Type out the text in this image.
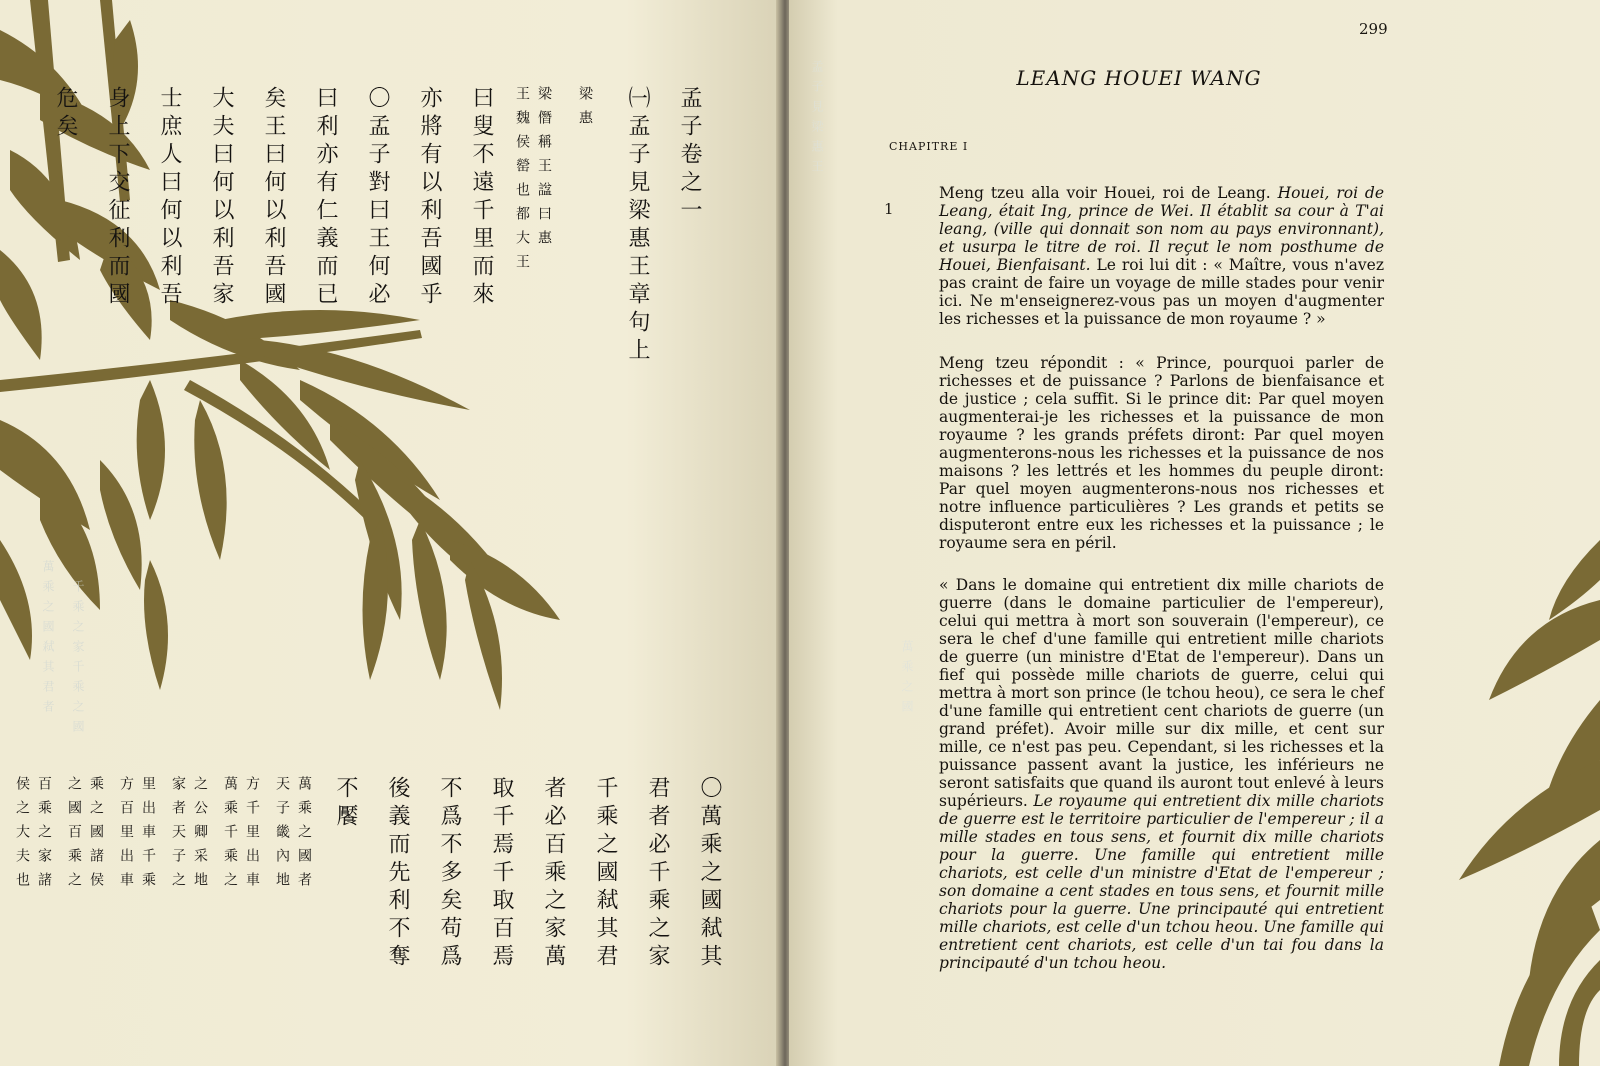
萬乘之國弒其君者 千乘之家千乘之國
孟子卷之一
㈠孟子見梁惠王章句上
梁惠
梁僭稱王諡曰惠
王魏侯罃也都大王
曰叟不遠千里而來
亦將有以利吾國乎
〇孟子對曰王何必
曰利亦有仁義而已
矣王曰何以利吾國
大夫曰何以利吾家
士庶人曰何以利吾
身上下交征利而國
危矣
〇萬乘之國弒其
君者必千乘之家
千乘之國弒其君
者必百乘之家萬
取千焉千取百焉
不爲不多矣苟爲
後義而先利不奪
不饜
萬乘之國者
天子畿內地
方千里出車
萬乘千乘之
之公卿采地
家者天子之
里出車千乘
方百里出車
乘之國諸侯
之國百乘之
百乘之家諸
侯之大夫也
孟子見梁惠王
萬乘之國
299
LEANG HOUEI WANG
CHAPITRE I
1
Meng tzeu alla voir Houei, roi de Leang. Houei, roi de Leang, était Ing, prince de Wei. Il établit sa cour à T'ai leang, (ville qui donnait son nom au pays environnant), et usurpa le titre de roi. Il reçut le nom posthume de Houei, Bienfaisant. Le roi lui dit : « Maître, vous n'avez pas craint de faire un voyage de mille stades pour venir ici. Ne m'enseignerez-vous pas un moyen d'augmenter les richesses et la puissance de mon royaume ? »
Meng tzeu répondit : « Prince, pourquoi parler de richesses et de puissance ? Parlons de bienfaisance et de justice ; cela suffit. Si le prince dit: Par quel moyen augmenterai-je les richesses et la puissance de mon royaume ? les grands préfets diront: Par quel moyen augmenterons-nous les richesses et la puissance de nos maisons ? les lettrés et les hommes du peuple diront: Par quel moyen augmenterons-nous nos richesses et notre influence particulières ? Les grands et petits se disputeront entre eux les richesses et la puissance ; le royaume sera en péril.
« Dans le domaine qui entretient dix mille chariots de guerre (dans le domaine particulier de l'empereur), celui qui mettra à mort son souverain (l'empereur), ce sera le chef d'une famille qui entretient mille chariots de guerre (un ministre d'Etat de l'empereur). Dans un fief qui possède mille chariots de guerre, celui qui mettra à mort son prince (le tchou heou), ce sera le chef d'une famille qui entretient cent chariots de guerre (un grand préfet). Avoir mille sur dix mille, et cent sur mille, ce n'est pas peu. Cependant, si les richesses et la puissance passent avant la justice, les inférieurs ne seront satisfaits que quand ils auront tout enlevé à leurs supérieurs. Le royaume qui entretient dix mille chariots de guerre est le territoire particulier de l'empereur ; il a mille stades en tous sens, et fournit dix mille chariots pour la guerre. Une famille qui entretient mille chariots, est celle d'un ministre d'Etat de l'empereur ; son domaine a cent stades en tous sens, et fournit mille chariots pour la guerre. Une principauté qui entretient mille chariots, est celle d'un tchou heou. Une famille qui entretient cent chariots, est celle d'un tai fou dans la principauté d'un tchou heou.
